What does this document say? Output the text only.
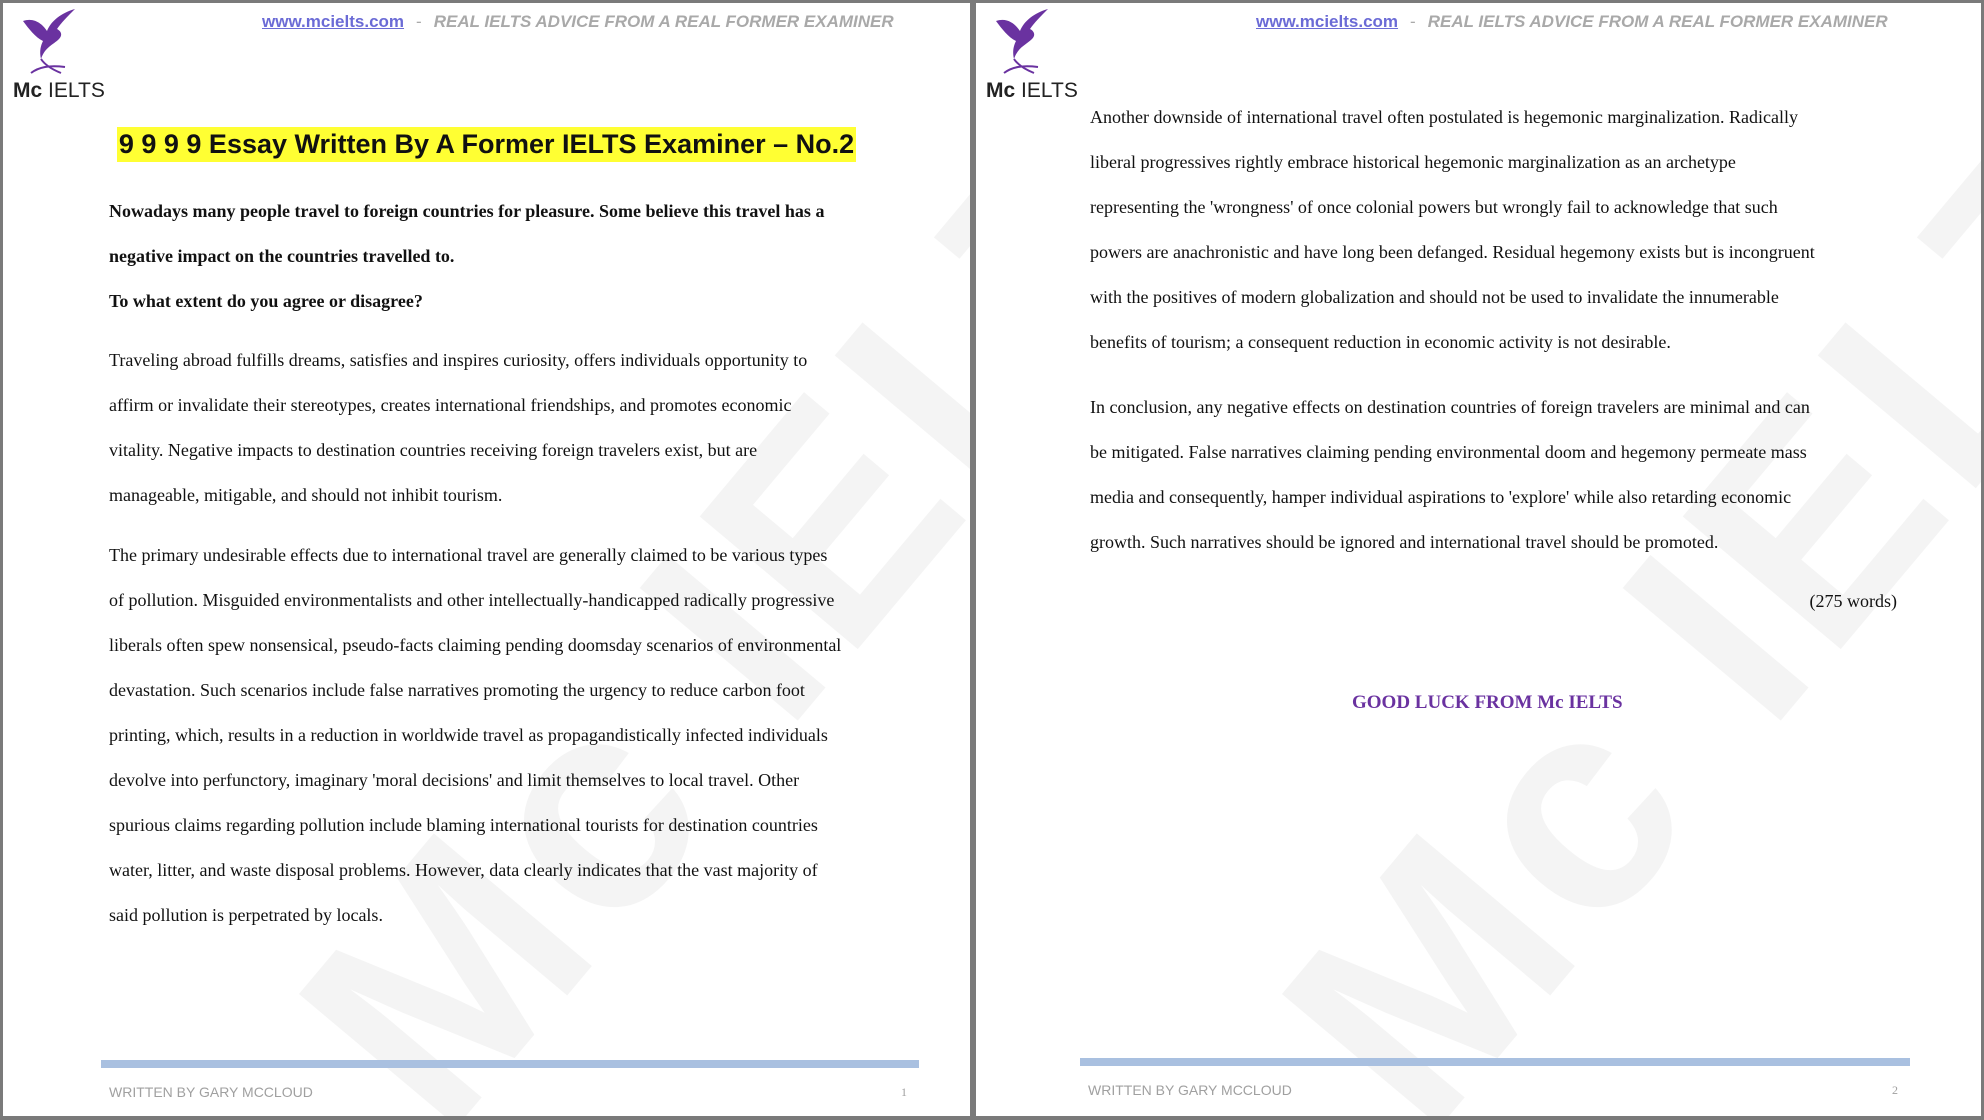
Mc IELTS
www.mcielts.com - REAL IELTS ADVICE FROM A REAL FORMER EXAMINER
9 9 9 9 Essay Written By A Former IELTS Examiner – No.2

Nowadays many people travel to foreign countries for pleasure. Some believe this travel has a

negative impact on the countries travelled to.

To what extent do you agree or disagree?

Traveling abroad fulfills dreams, satisfies and inspires curiosity, offers individuals opportunity to

affirm or invalidate their stereotypes, creates international friendships, and promotes economic

vitality. Negative impacts to destination countries receiving foreign travelers exist, but are

manageable, mitigable, and should not inhibit tourism.

The primary undesirable effects due to international travel are generally claimed to be various types

of pollution. Misguided environmentalists and other intellectually-handicapped radically progressive

liberals often spew nonsensical, pseudo-facts claiming pending doomsday scenarios of environmental

devastation. Such scenarios include false narratives promoting the urgency to reduce carbon foot

printing, which, results in a reduction in worldwide travel as propagandistically infected individuals

devolve into perfunctory, imaginary 'moral decisions' and limit themselves to local travel. Other

spurious claims regarding pollution include blaming international tourists for destination countries

water, litter, and waste disposal problems. However, data clearly indicates that the vast majority of

said pollution is perpetrated by locals.

WRITTEN BY GARY MCCLOUD	1
Mc IELTS
www.mcielts.com - REAL IELTS ADVICE FROM A REAL FORMER EXAMINER

Another downside of international travel often postulated is hegemonic marginalization. Radically

liberal progressives rightly embrace historical hegemonic marginalization as an archetype

representing the 'wrongness' of once colonial powers but wrongly fail to acknowledge that such

powers are anachronistic and have long been defanged. Residual hegemony exists but is incongruent

with the positives of modern globalization and should not be used to invalidate the innumerable

benefits of tourism; a consequent reduction in economic activity is not desirable.

In conclusion, any negative effects on destination countries of foreign travelers are minimal and can

be mitigated. False narratives claiming pending environmental doom and hegemony permeate mass

media and consequently, hamper individual aspirations to 'explore' while also retarding economic

growth. Such narratives should be ignored and international travel should be promoted.

(275 words)
GOOD LUCK FROM Mc IELTS
WRITTEN BY GARY MCCLOUD	2
